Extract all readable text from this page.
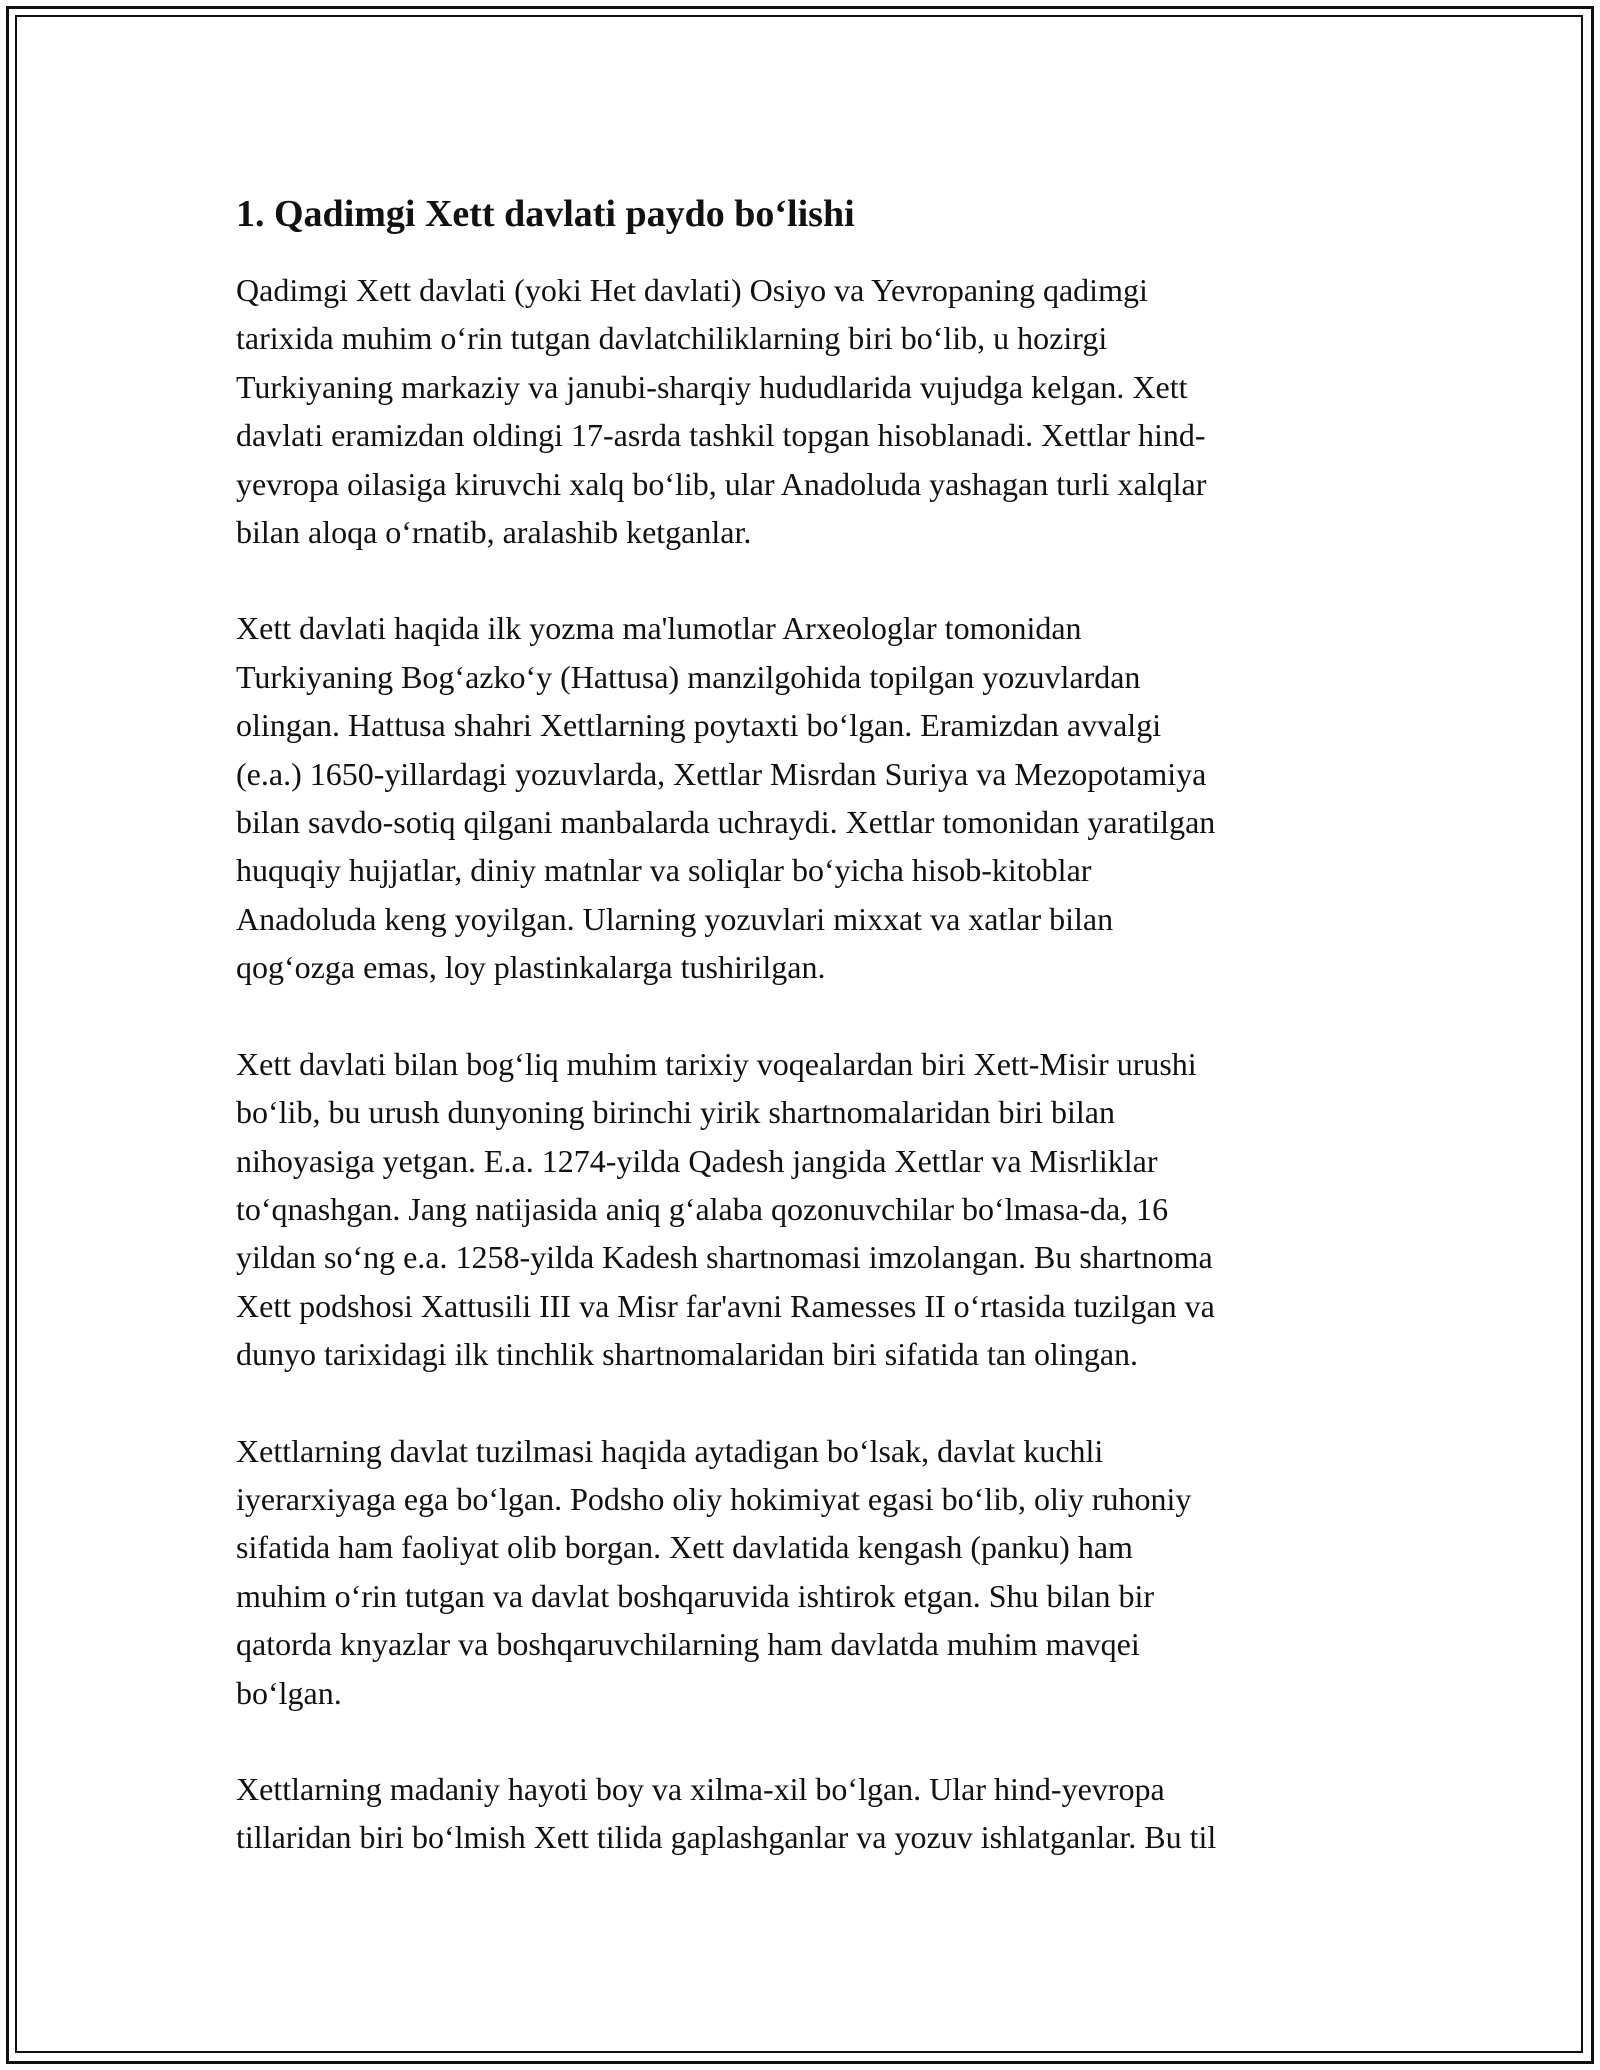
1. Qadimgi Xett davlati paydo bo‘lishi

Qadimgi Xett davlati (yoki Het davlati) Osiyo va Yevropaning qadimgi
tarixida muhim o‘rin tutgan davlatchiliklarning biri bo‘lib, u hozirgi
Turkiyaning markaziy va janubi-sharqiy hududlarida vujudga kelgan. Xett
davlati eramizdan oldingi 17-asrda tashkil topgan hisoblanadi. Xettlar hind-
yevropa oilasiga kiruvchi xalq bo‘lib, ular Anadoluda yashagan turli xalqlar
bilan aloqa o‘rnatib, aralashib ketganlar.

Xett davlati haqida ilk yozma ma'lumotlar Arxeologlar tomonidan
Turkiyaning Bog‘azko‘y (Hattusa) manzilgohida topilgan yozuvlardan
olingan. Hattusa shahri Xettlarning poytaxti bo‘lgan. Eramizdan avvalgi
(e.a.) 1650-yillardagi yozuvlarda, Xettlar Misrdan Suriya va Mezopotamiya
bilan savdo-sotiq qilgani manbalarda uchraydi. Xettlar tomonidan yaratilgan
huquqiy hujjatlar, diniy matnlar va soliqlar bo‘yicha hisob-kitoblar
Anadoluda keng yoyilgan. Ularning yozuvlari mixxat va xatlar bilan
qog‘ozga emas, loy plastinkalarga tushirilgan.

Xett davlati bilan bog‘liq muhim tarixiy voqealardan biri Xett-Misir urushi
bo‘lib, bu urush dunyoning birinchi yirik shartnomalaridan biri bilan
nihoyasiga yetgan. E.a. 1274-yilda Qadesh jangida Xettlar va Misrliklar
to‘qnashgan. Jang natijasida aniq g‘alaba qozonuvchilar bo‘lmasa-da, 16
yildan so‘ng e.a. 1258-yilda Kadesh shartnomasi imzolangan. Bu shartnoma
Xett podshosi Xattusili III va Misr far'avni Ramesses II o‘rtasida tuzilgan va
dunyo tarixidagi ilk tinchlik shartnomalaridan biri sifatida tan olingan.

Xettlarning davlat tuzilmasi haqida aytadigan bo‘lsak, davlat kuchli
iyerarxiyaga ega bo‘lgan. Podsho oliy hokimiyat egasi bo‘lib, oliy ruhoniy
sifatida ham faoliyat olib borgan. Xett davlatida kengash (panku) ham
muhim o‘rin tutgan va davlat boshqaruvida ishtirok etgan. Shu bilan bir
qatorda knyazlar va boshqaruvchilarning ham davlatda muhim mavqei
bo‘lgan.

Xettlarning madaniy hayoti boy va xilma-xil bo‘lgan. Ular hind-yevropa
tillaridan biri bo‘lmish Xett tilida gaplashganlar va yozuv ishlatganlar. Bu til
